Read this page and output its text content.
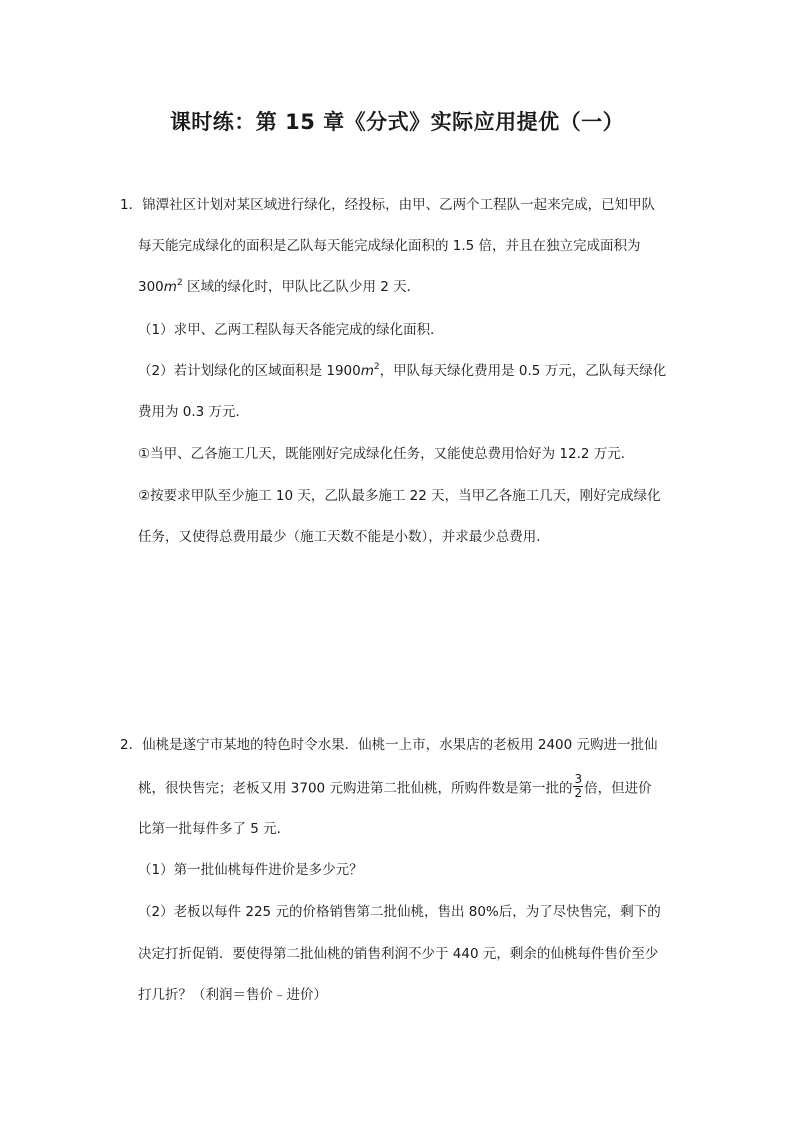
课时练：第 15 章《分式》实际应用提优（一）
1．锦潭社区计划对某区域进行绿化，经投标，由甲、乙两个工程队一起来完成，已知甲队
每天能完成绿化的面积是乙队每天能完成绿化面积的 1.5 倍，并且在独立完成面积为
$300m^2$ 区域的绿化时，甲队比乙队少用 2 天．
（1）求甲、乙两工程队每天各能完成的绿化面积．
（2）若计划绿化的区域面积是 $1900m^2$，甲队每天绿化费用是 0.5 万元，乙队每天绿化
费用为 0.3 万元．
①当甲、乙各施工几天，既能刚好完成绿化任务，又能使总费用恰好为 12.2 万元．
②按要求甲队至少施工 10 天，乙队最多施工 22 天，当甲乙各施工几天，刚好完成绿化
任务，又使得总费用最少（施工天数不能是小数），并求最少总费用．
2．仙桃是遂宁市某地的特色时令水果．仙桃一上市，水果店的老板用 2400 元购进一批仙
桃，很快售完；老板又用 3700 元购进第二批仙桃，所购件数是第一批的 $\frac{3}{2}$ 倍，但进价
比第一批每件多了 5 元．
（1）第一批仙桃每件进价是多少元？
（2）老板以每件 225 元的价格销售第二批仙桃，售出 80%后，为了尽快售完，剩下的
决定打折促销．要使得第二批仙桃的销售利润不少于 440 元，剩余的仙桃每件售价至少
打几折？（利润＝售价﹣进价）
